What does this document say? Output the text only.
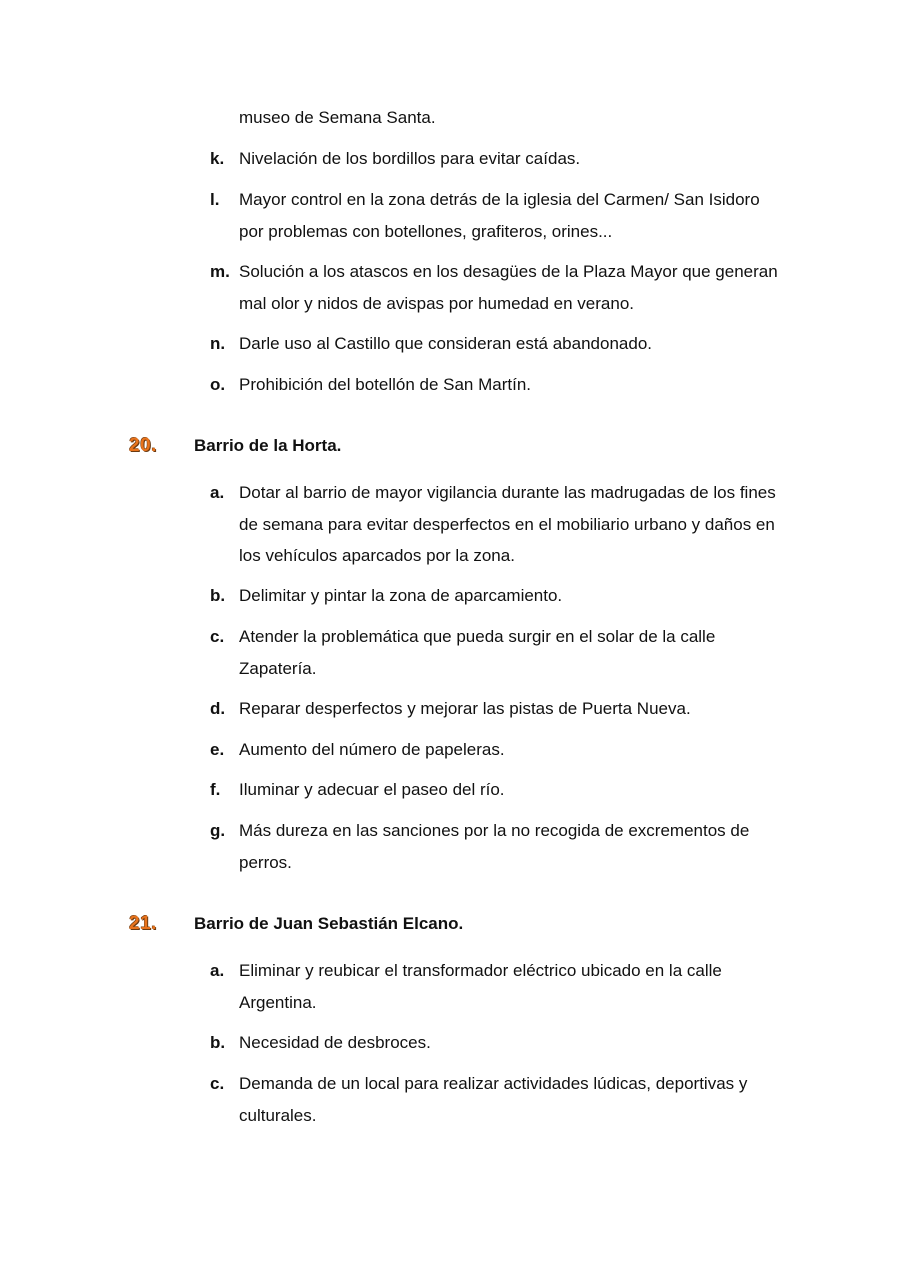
museo de Semana Santa.
k. Nivelación de los bordillos para evitar caídas.
l.	Mayor control en la zona detrás de la iglesia del Carmen/ San Isidoro por problemas con botellones, grafiteros, orines...
m. Solución a los atascos en los desagües de la Plaza Mayor que generan mal olor y nidos de avispas por humedad en verano.
n. Darle uso al Castillo que consideran está abandonado.
o. Prohibición del botellón de San Martín.
20. Barrio de la Horta.
a. Dotar al barrio de mayor vigilancia durante las madrugadas de los fines de semana para evitar desperfectos en el mobiliario urbano y daños en los vehículos aparcados por la zona.
b. Delimitar y pintar la zona de aparcamiento.
c. Atender la problemática que pueda surgir en el solar de la calle Zapatería.
d. Reparar desperfectos y mejorar las pistas de Puerta Nueva.
e. Aumento del número de papeleras.
f.	Iluminar y adecuar el paseo del río.
g. Más dureza en las sanciones por la no recogida de excrementos de perros.
21. Barrio de Juan Sebastián Elcano.
a. Eliminar y reubicar el transformador eléctrico ubicado en la calle Argentina.
b. Necesidad de desbroces.
c. Demanda de un local para realizar actividades lúdicas, deportivas y culturales.
